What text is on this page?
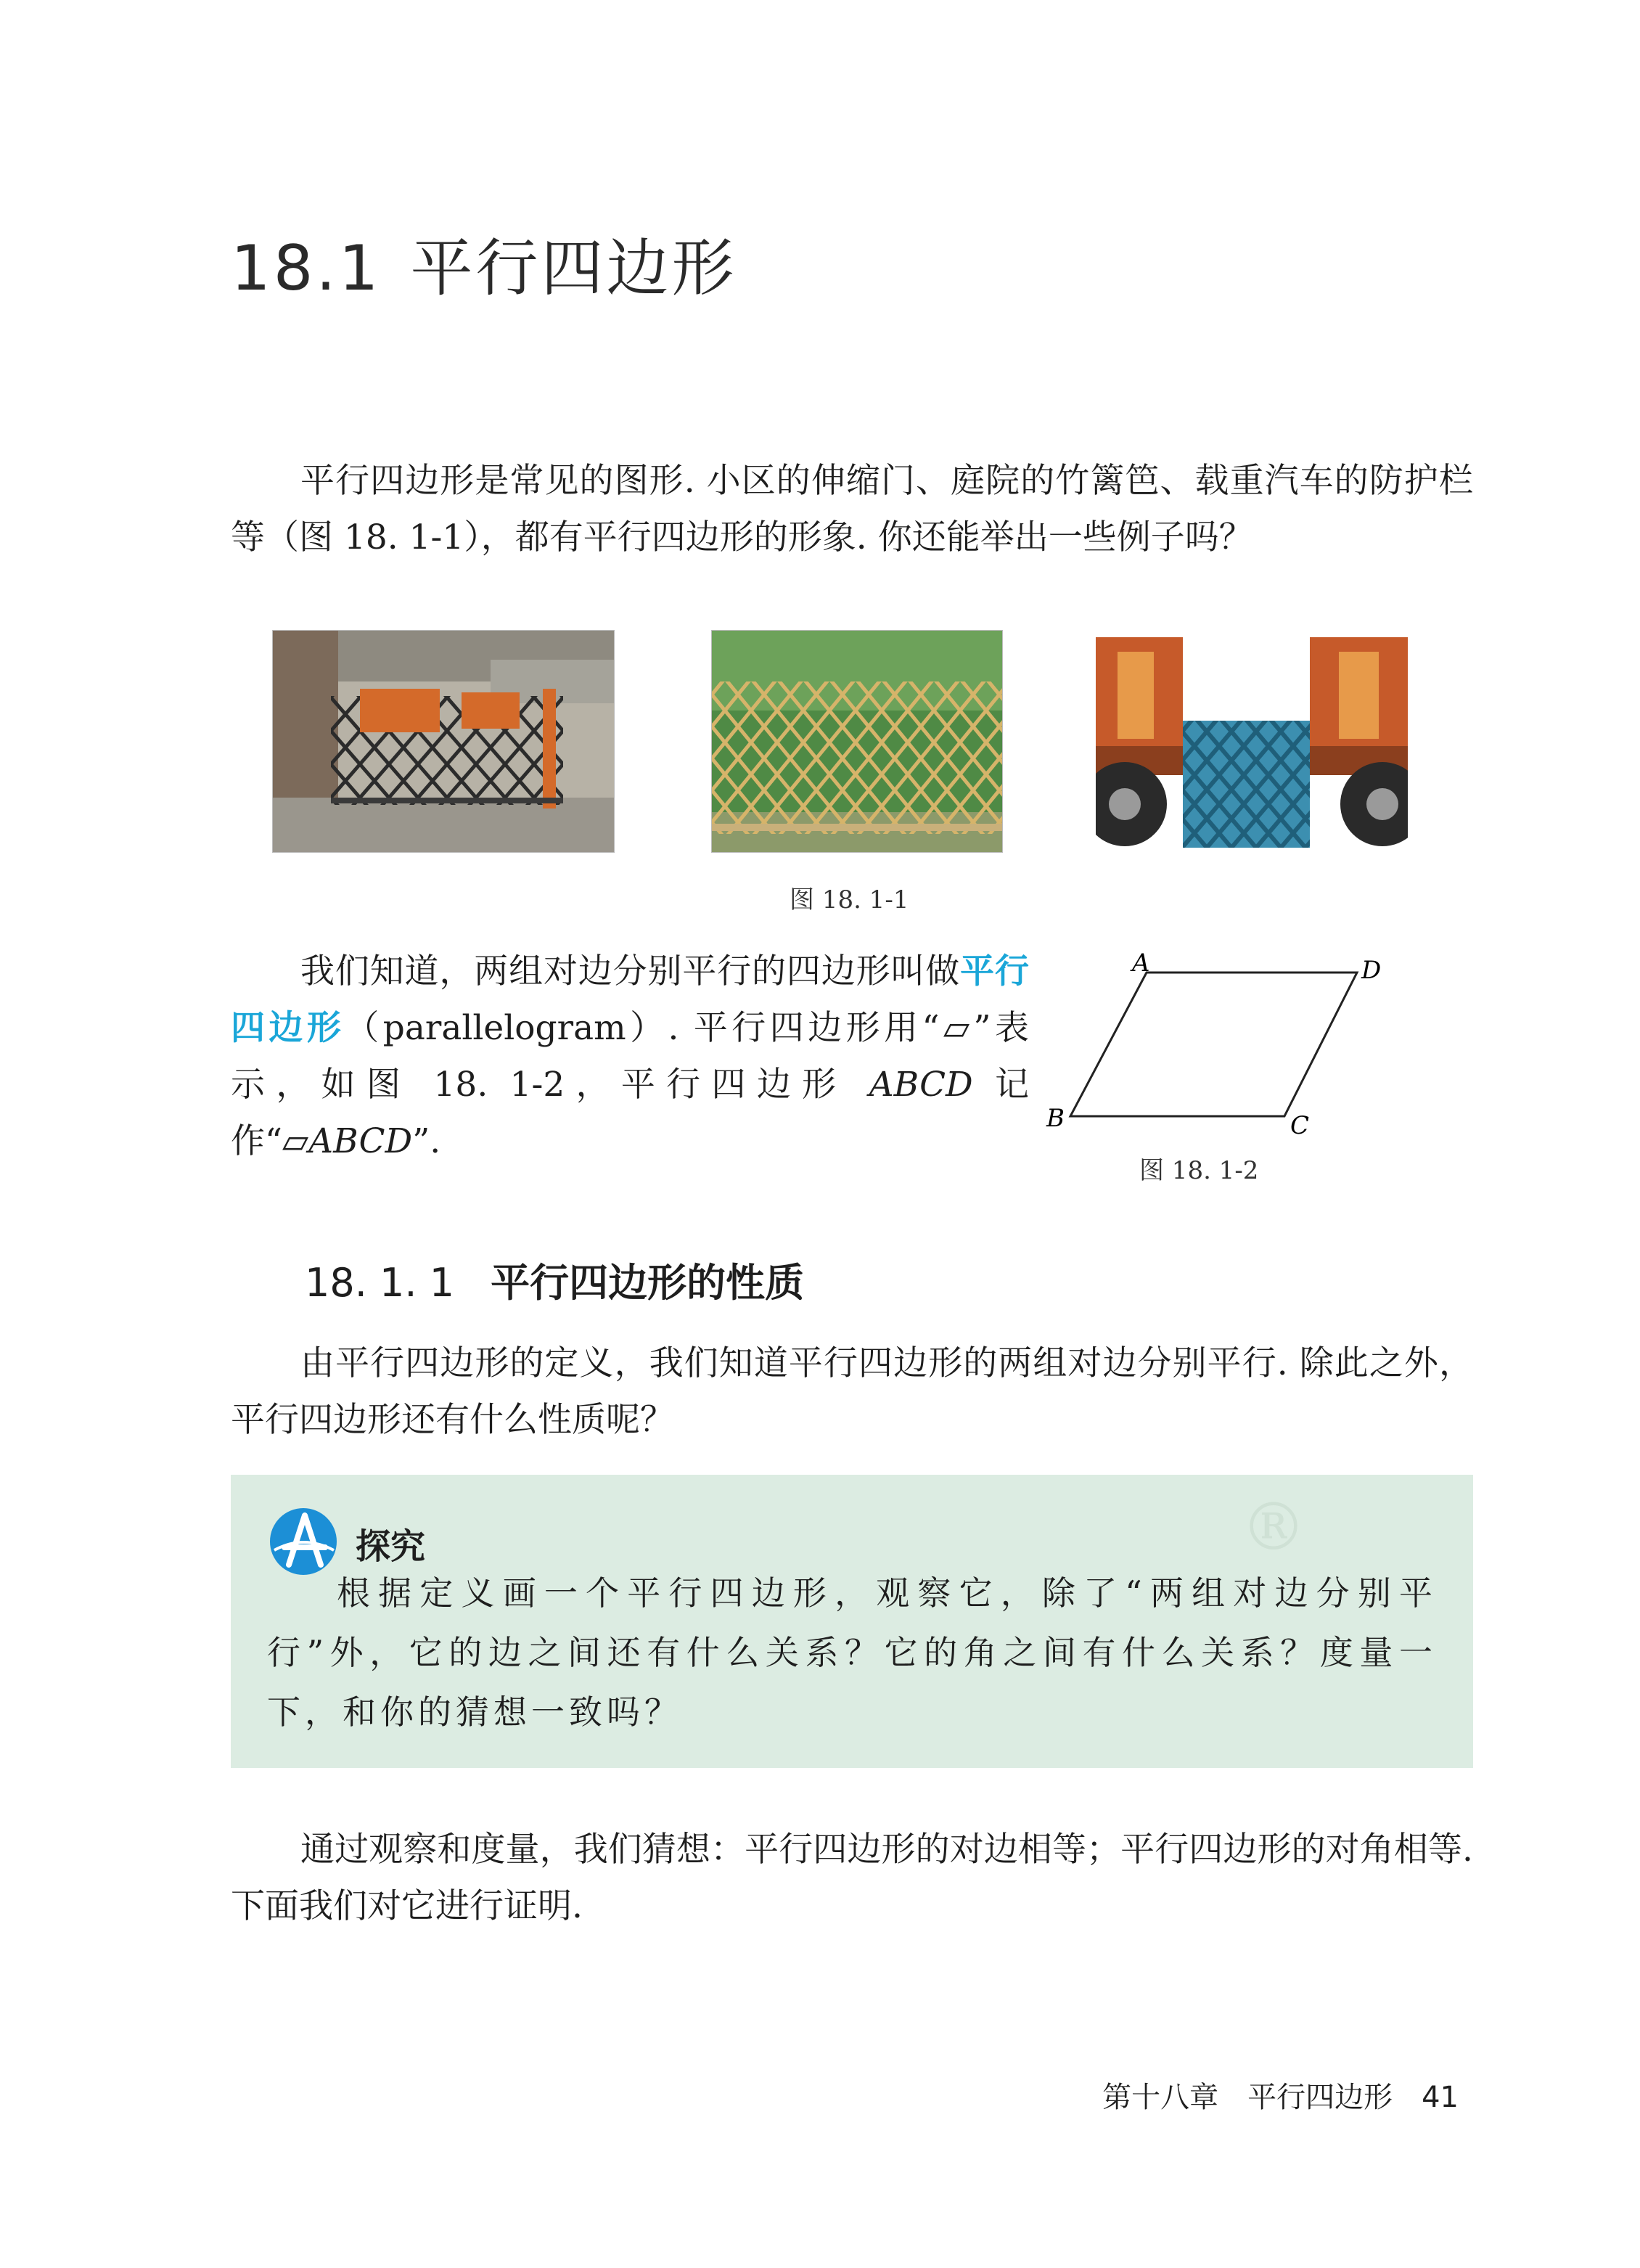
18.1 平行四边形

平行四边形是常见的图形. 小区的伸缩门、庭院的竹篱笆、载重汽车的防护栏等（图 18. 1-1），都有平行四边形的形象. 你还能举出一些例子吗？

图 18. 1-1
我们知道，两组对边分别平行的四边形叫做平行四边形（parallelogram）. 平行四边形用“▱”表示，如图 18. 1-2，平行四边形 ABCD 记作“▱ABCD”.
A	D
B	C
图 18. 1-2
18. 1. 1 平行四边形的性质

由平行四边形的定义，我们知道平行四边形的两组对边分别平行. 除此之外，平行四边形还有什么性质呢？

®
探究
根据定义画一个平行四边形，观察它，除了“两组对边分别平行”外，它的边之间还有什么关系？它的角之间有什么关系？度量一下，和你的猜想一致吗？

通过观察和度量，我们猜想：平行四边形的对边相等；平行四边形的对角相等. 下面我们对它进行证明.

第十八章 平行四边形 41
